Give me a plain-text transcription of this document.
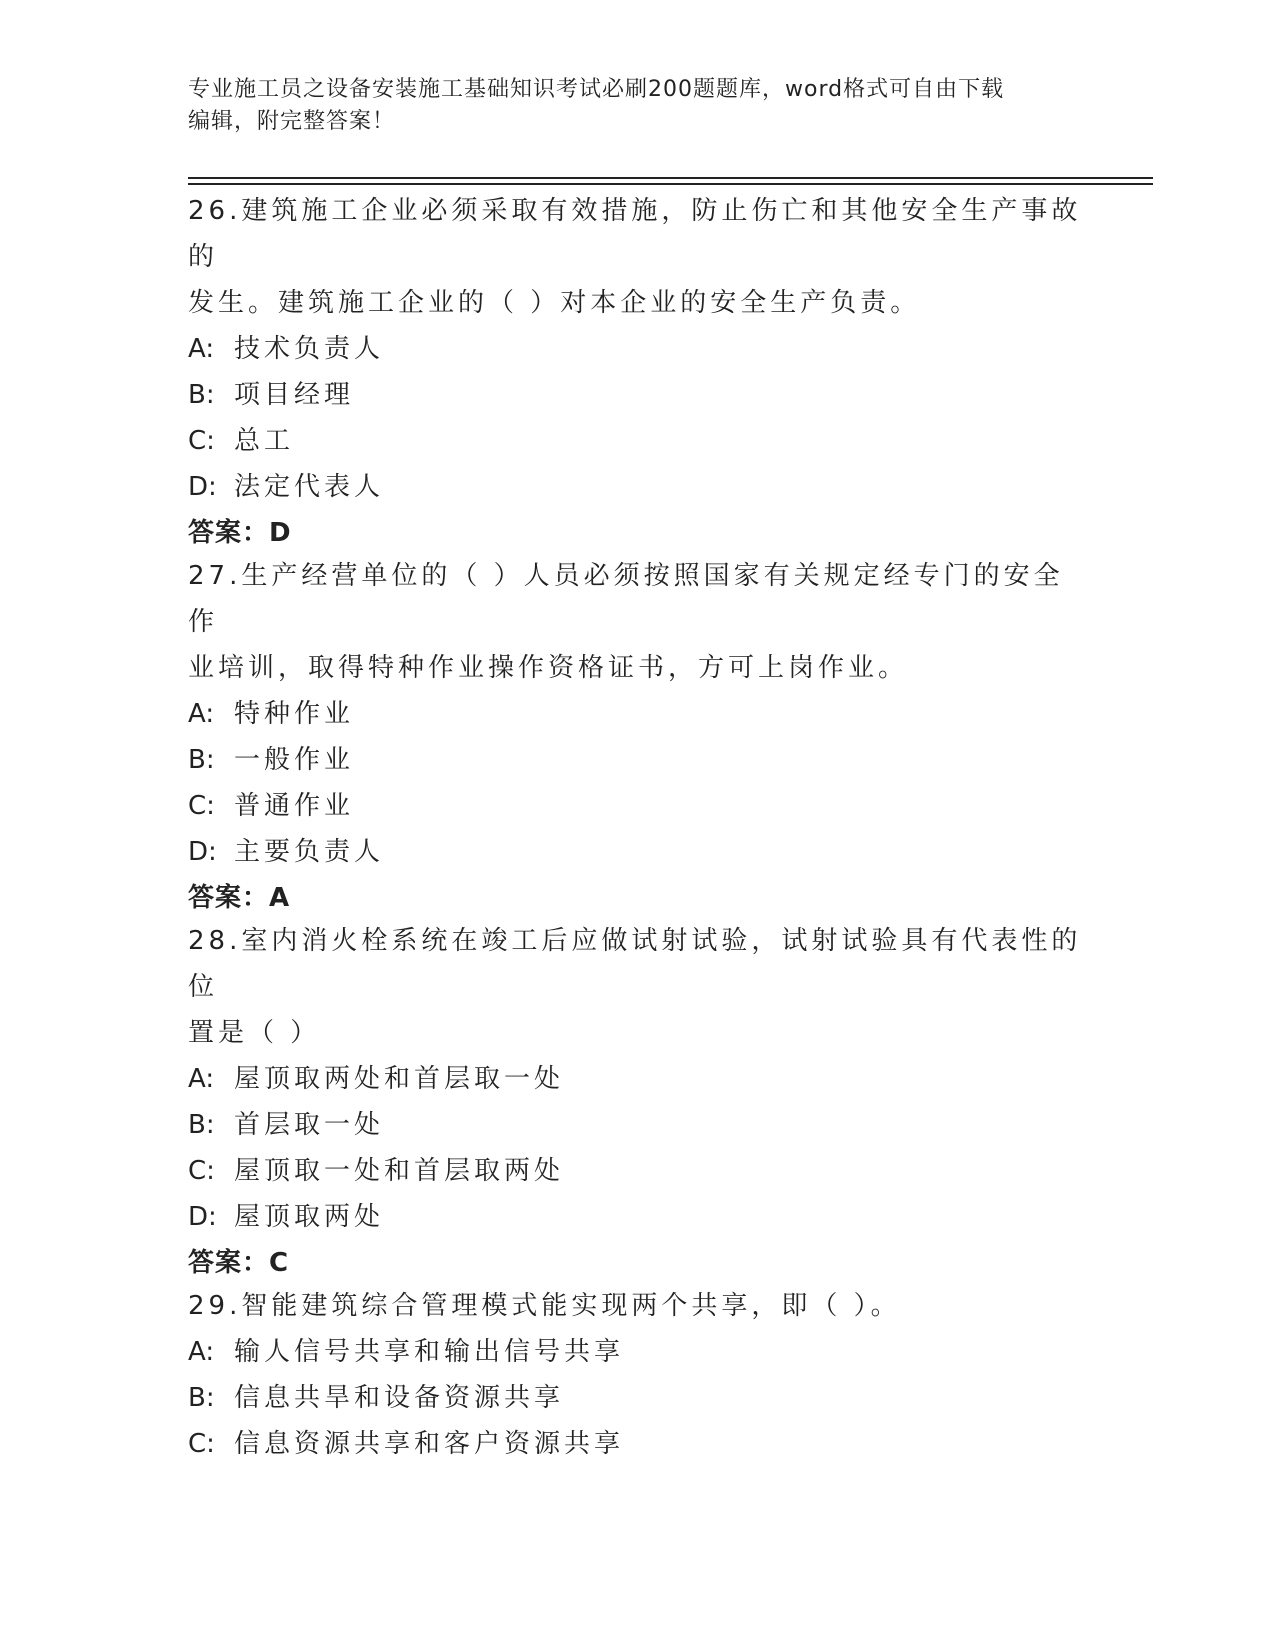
专业施工员之设备安装施工基础知识考试必刷200题题库，word格式可自由下载
编辑，附完整答案！

26.建筑施工企业必须采取有效措施，防止伤亡和其他安全生产事故的

发生。建筑施工企业的（ ）对本企业的安全生产负责。

A: 技术负责人

B: 项目经理

C: 总工

D: 法定代表人

答案：D

27.生产经营单位的（ ）人员必须按照国家有关规定经专门的安全作

业培训，取得特种作业操作资格证书，方可上岗作业。

A: 特种作业

B: 一般作业

C: 普通作业

D: 主要负责人

答案：A

28.室内消火栓系统在竣工后应做试射试验，试射试验具有代表性的位

置是（ ）

A: 屋顶取两处和首层取一处

B: 首层取一处

C: 屋顶取一处和首层取两处

D: 屋顶取两处

答案：C

29.智能建筑综合管理模式能实现两个共享，即（ ）。

A: 输人信号共享和输出信号共享

B: 信息共旱和设备资源共享

C: 信息资源共享和客户资源共享
